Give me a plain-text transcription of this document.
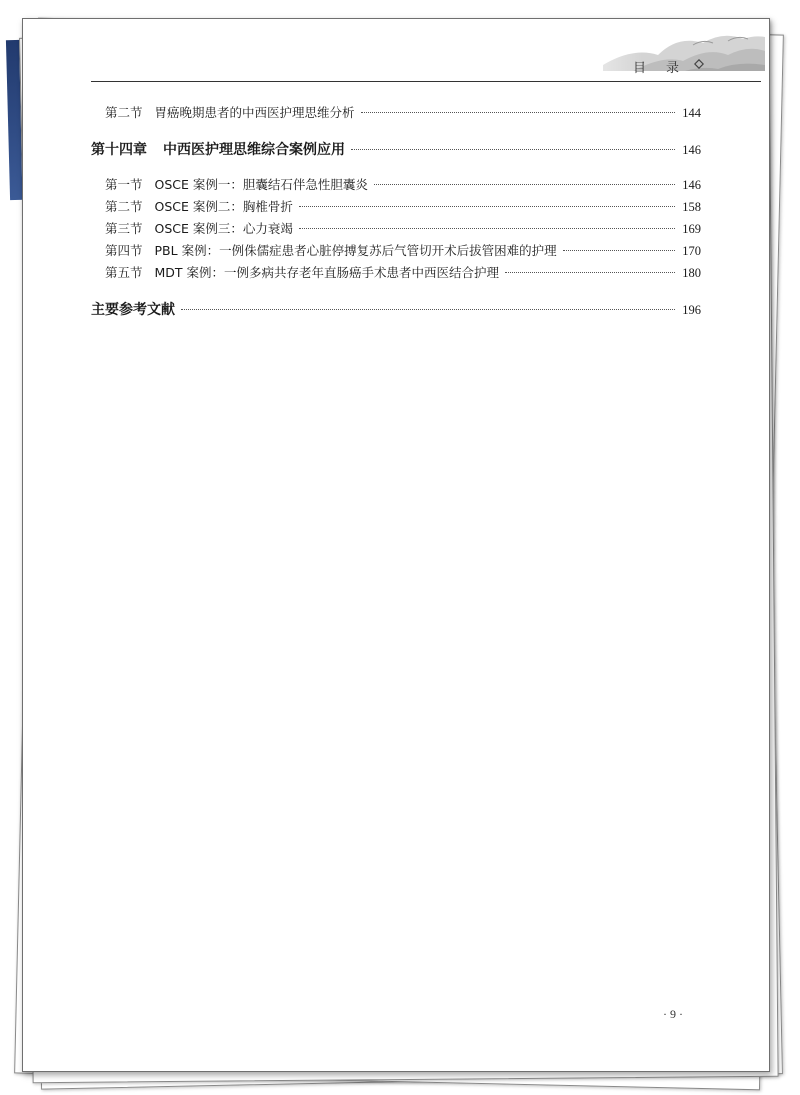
目 录
第二节 胃癌晚期患者的中西医护理思维分析	144
第十四章 中西医护理思维综合案例应用	146
第一节 OSCE 案例一：胆囊结石伴急性胆囊炎	146
第二节 OSCE 案例二：胸椎骨折	158
第三节 OSCE 案例三：心力衰竭	169
第四节 PBL 案例：一例侏儒症患者心脏停搏复苏后气管切开术后拔管困难的护理	170
第五节 MDT 案例：一例多病共存老年直肠癌手术患者中西医结合护理	180
主要参考文献	196
· 9 ·
